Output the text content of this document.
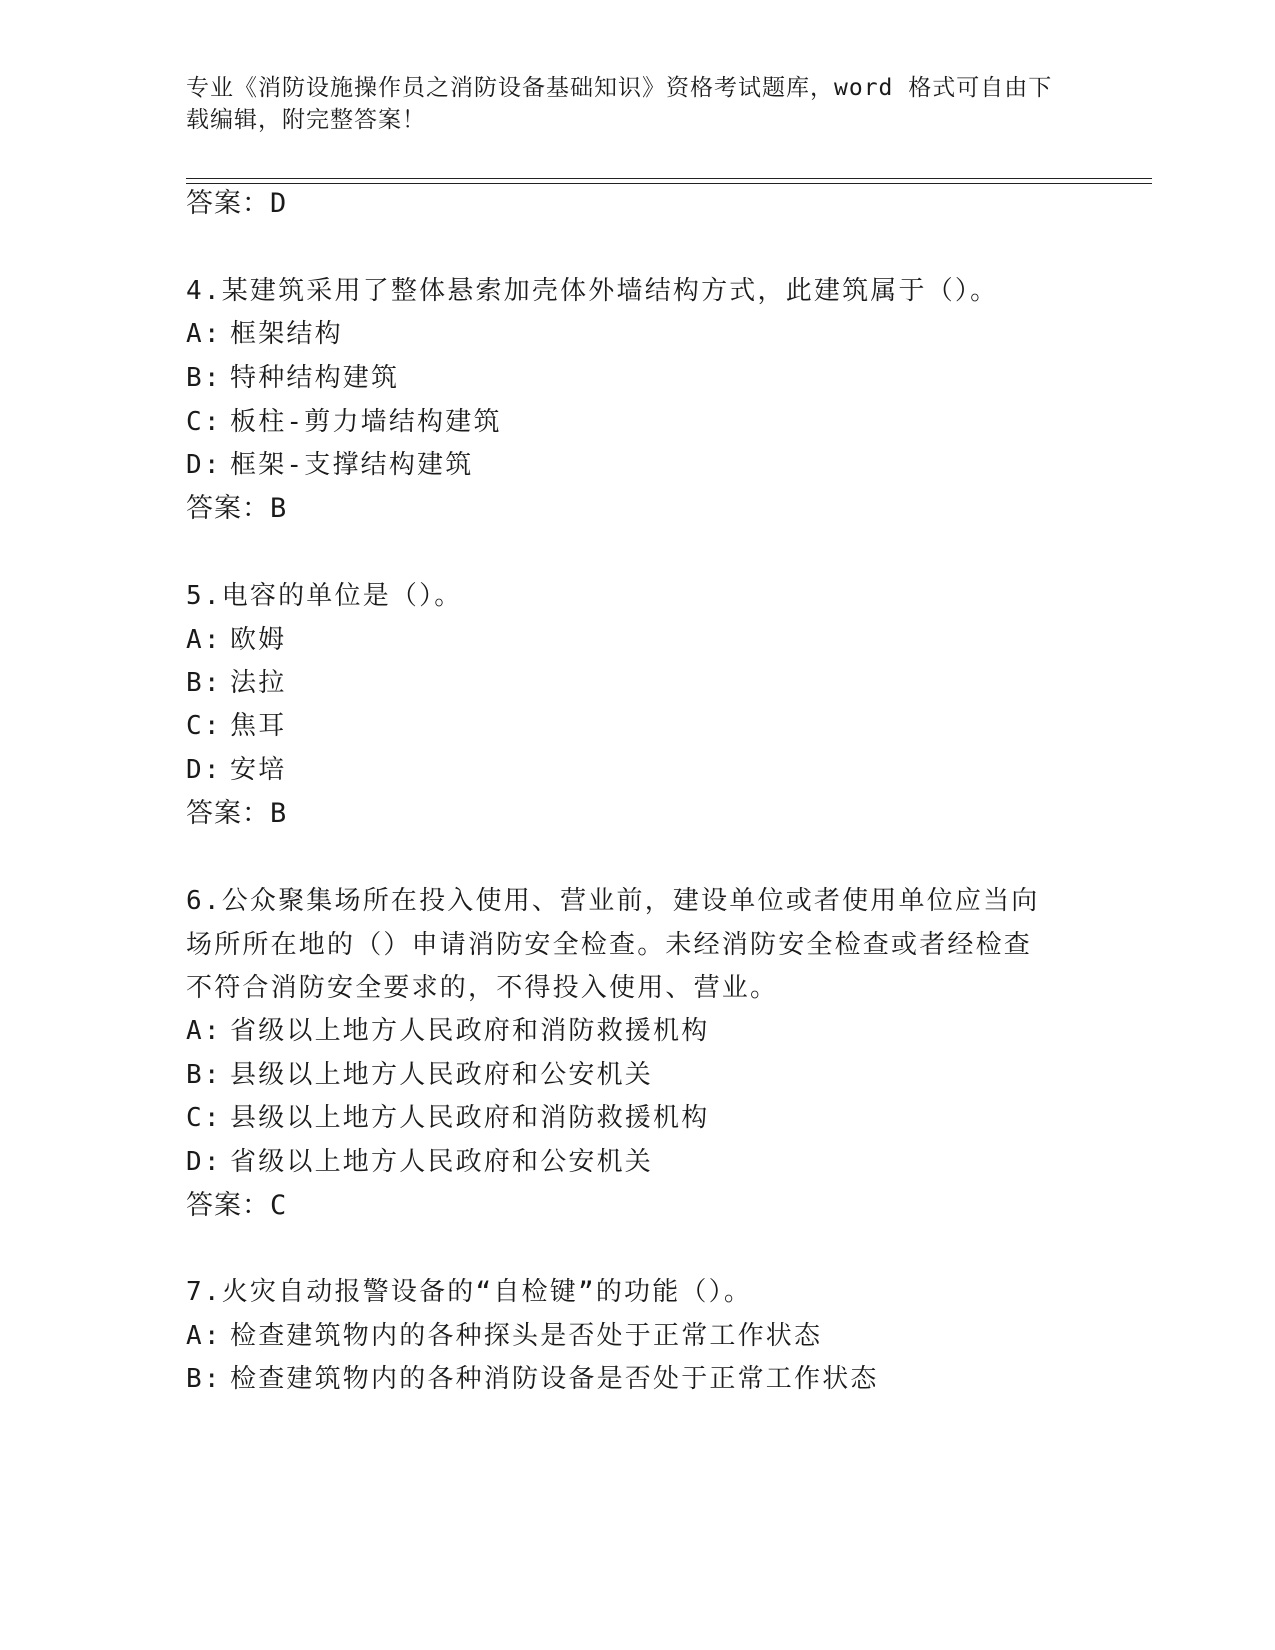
专业《消防设施操作员之消防设备基础知识》资格考试题库，word 格式可自由下
载编辑，附完整答案！
答案：D
4.某建筑采用了整体悬索加壳体外墙结构方式，此建筑属于（）。
A: 框架结构
B: 特种结构建筑
C: 板柱-剪力墙结构建筑
D: 框架-支撑结构建筑
答案：B
5.电容的单位是（）。
A: 欧姆
B: 法拉
C: 焦耳
D: 安培
答案：B
6.公众聚集场所在投入使用、营业前，建设单位或者使用单位应当向
场所所在地的（）申请消防安全检查。未经消防安全检查或者经检查
不符合消防安全要求的，不得投入使用、营业。
A: 省级以上地方人民政府和消防救援机构
B: 县级以上地方人民政府和公安机关
C: 县级以上地方人民政府和消防救援机构
D: 省级以上地方人民政府和公安机关
答案：C
7.火灾自动报警设备的“自检键”的功能（）。
A: 检查建筑物内的各种探头是否处于正常工作状态
B: 检查建筑物内的各种消防设备是否处于正常工作状态
